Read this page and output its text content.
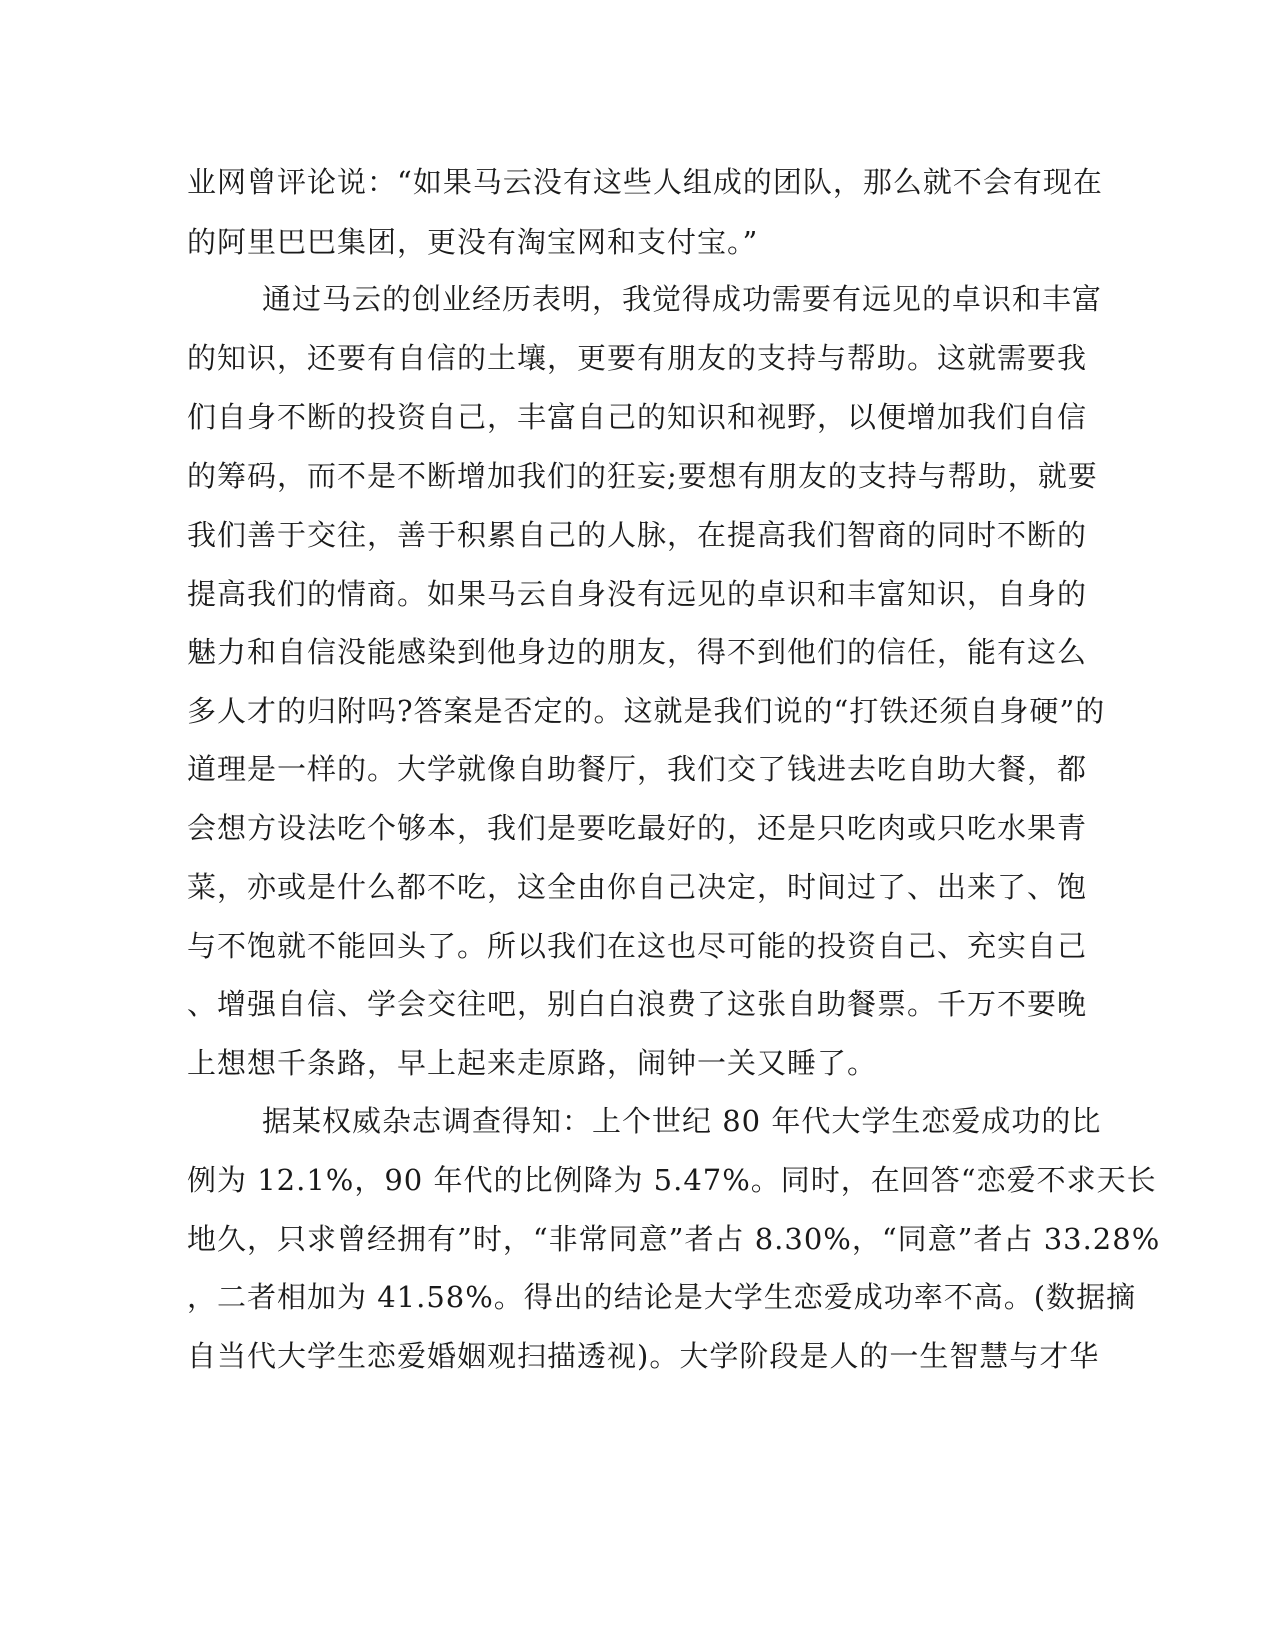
业网曾评论说：“如果马云没有这些人组成的团队，那么就不会有现在
的阿里巴巴集团，更没有淘宝网和支付宝。”
通过马云的创业经历表明，我觉得成功需要有远见的卓识和丰富
的知识，还要有自信的土壤，更要有朋友的支持与帮助。这就需要我
们自身不断的投资自己，丰富自己的知识和视野，以便增加我们自信
的筹码，而不是不断增加我们的狂妄;要想有朋友的支持与帮助，就要
我们善于交往，善于积累自己的人脉，在提高我们智商的同时不断的
提高我们的情商。如果马云自身没有远见的卓识和丰富知识，自身的
魅力和自信没能感染到他身边的朋友，得不到他们的信任，能有这么
多人才的归附吗?答案是否定的。这就是我们说的“打铁还须自身硬”的
道理是一样的。大学就像自助餐厅，我们交了钱进去吃自助大餐，都
会想方设法吃个够本，我们是要吃最好的，还是只吃肉或只吃水果青
菜，亦或是什么都不吃，这全由你自己决定，时间过了、出来了、饱
与不饱就不能回头了。所以我们在这也尽可能的投资自己、充实自己
、增强自信、学会交往吧，别白白浪费了这张自助餐票。千万不要晚
上想想千条路，早上起来走原路，闹钟一关又睡了。
据某权威杂志调查得知：上个世纪 80 年代大学生恋爱成功的比
例为 12.1%，90 年代的比例降为 5.47%。同时，在回答“恋爱不求天长
地久，只求曾经拥有”时，“非常同意”者占 8.30%，“同意”者占 33.28%
，二者相加为 41.58%。得出的结论是大学生恋爱成功率不高。(数据摘
自当代大学生恋爱婚姻观扫描透视)。大学阶段是人的一生智慧与才华
